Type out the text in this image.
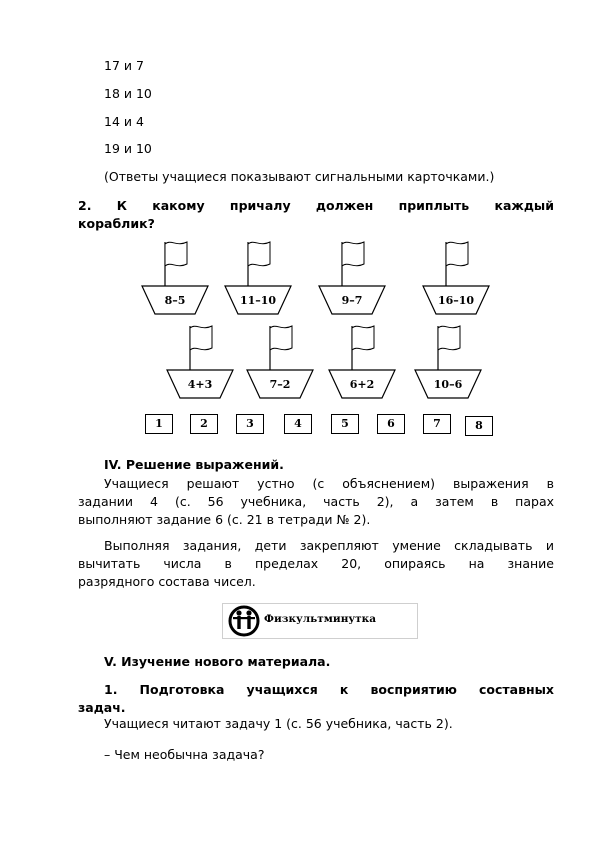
17 и 7
18 и 10
14 и 4
19 и 10
(Ответы учащиеся показывают сигнальными карточками.)
2. К какому причалу должен приплыть каждый
кораблик?
8–5	11–10	9–7	16–10
4+3	7–2	6+2	10–6
1	2	3	4	5	6	7	8
IV. Решение выражений.
Учащиеся решают устно (с объяснением) выражения в
задании 4 (с. 56 учебника, часть 2), а затем в парах
выполняют задание 6 (с. 21 в тетради № 2).
Выполняя задания, дети закрепляют умение складывать и
вычитать числа в пределах 20, опираясь на знание
разрядного состава чисел.
Физкультминутка
V. Изучение нового материала.
1. Подготовка учащихся к восприятию составных
задач.
Учащиеся читают задачу 1 (с. 56 учебника, часть 2).
– Чем необычна задача?
